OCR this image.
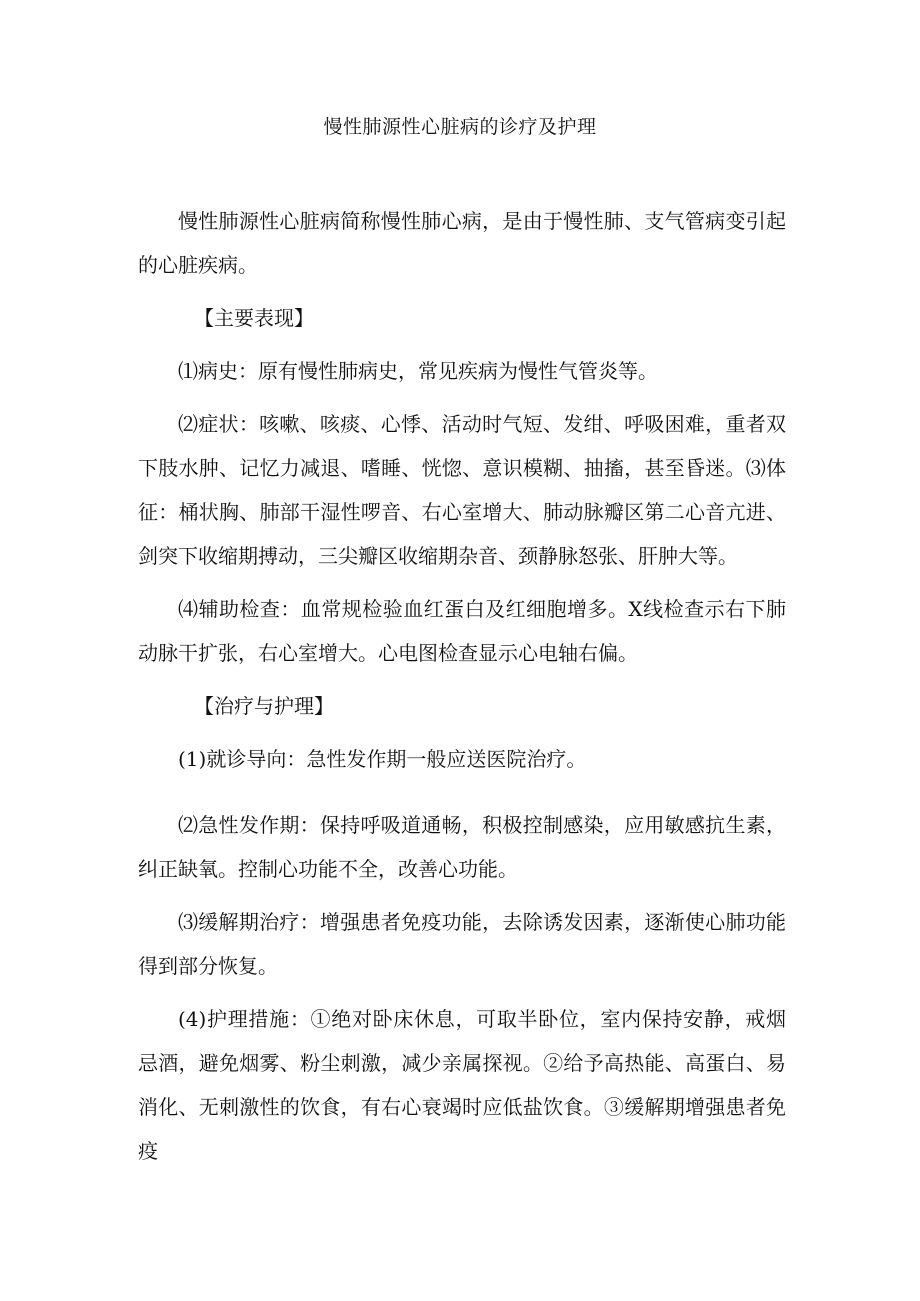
慢性肺源性心脏病的诊疗及护理

慢性肺源性心脏病简称慢性肺心病，是由于慢性肺、支气管病变引起的心脏疾病。

【主要表现】

⑴病史：原有慢性肺病史，常见疾病为慢性气管炎等。

⑵症状：咳嗽、咳痰、心悸、活动时气短、发绀、呼吸困难，重者双下肢水肿、记忆力减退、嗜睡、恍惚、意识模糊、抽搐，甚至昏迷。⑶体征：桶状胸、肺部干湿性啰音、右心室增大、肺动脉瓣区第二心音亢进、剑突下收缩期搏动，三尖瓣区收缩期杂音、颈静脉怒张、肝肿大等。

⑷辅助检查：血常规检验血红蛋白及红细胞增多。X线检查示右下肺动脉干扩张，右心室增大。心电图检查显示心电轴右偏。

【治疗与护理】

(1)就诊导向：急性发作期一般应送医院治疗。

⑵急性发作期：保持呼吸道通畅，积极控制感染，应用敏感抗生素，纠正缺氧。控制心功能不全，改善心功能。

⑶缓解期治疗：增强患者免疫功能，去除诱发因素，逐渐使心肺功能得到部分恢复。

(4)护理措施：①绝对卧床休息，可取半卧位，室内保持安静，戒烟忌酒，避免烟雾、粉尘刺激，减少亲属探视。②给予高热能、高蛋白、易消化、无刺激性的饮食，有右心衰竭时应低盐饮食。③缓解期增强患者免疫
